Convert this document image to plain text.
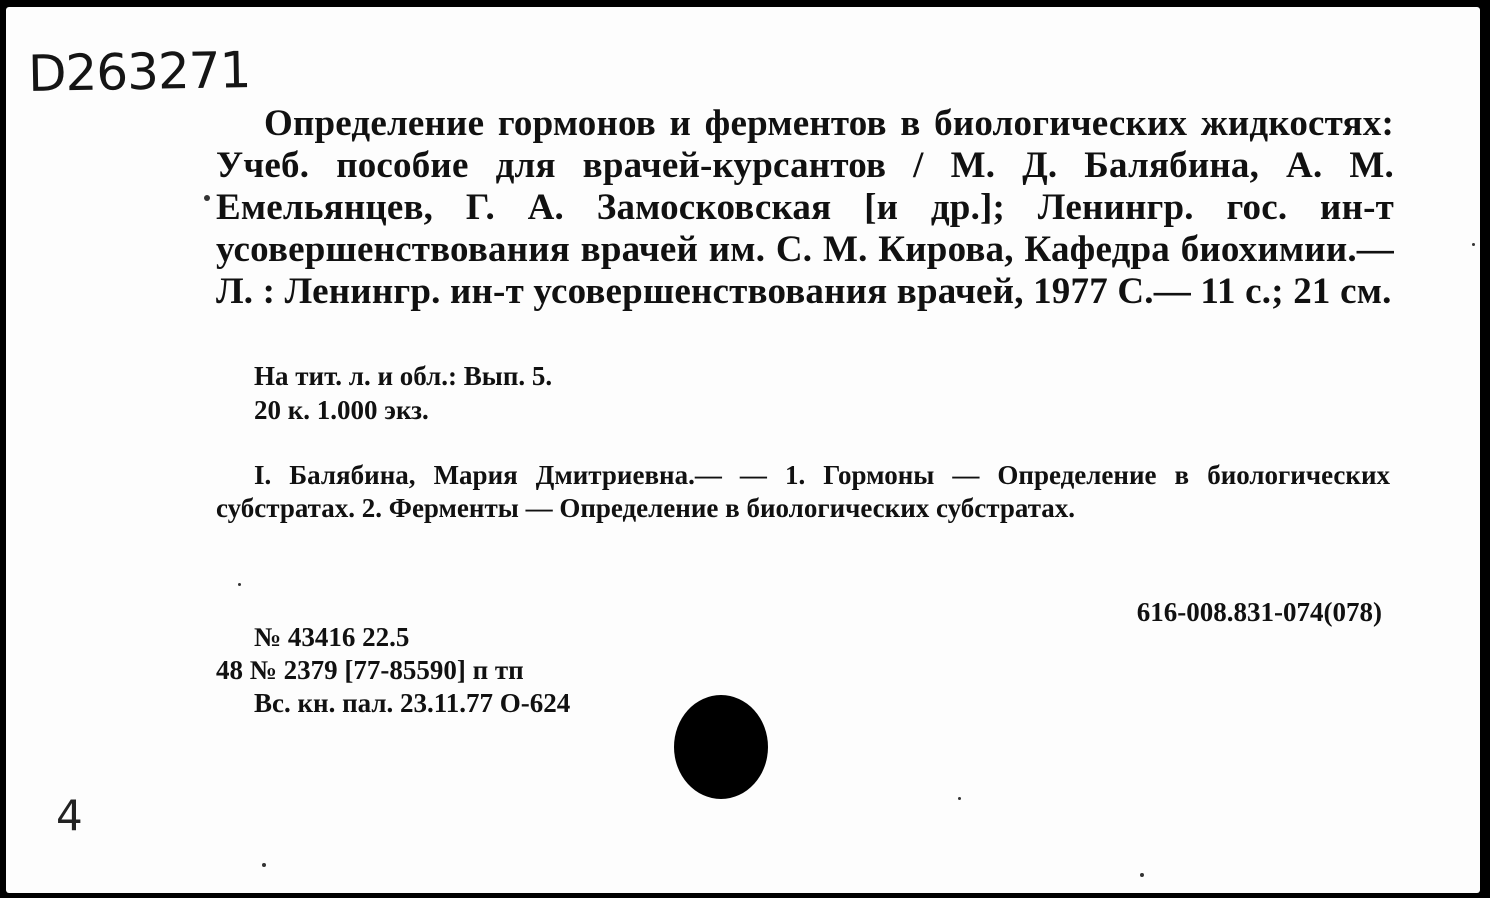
D263271
Определение гормонов и ферментов в биологических жидкостях: Учеб. пособие для врачей-курсантов / М. Д. Балябина, А. М. Емельянцев, Г. А. Замосковская [и др.]; Ленингр. гос. ин-т усовершенствования врачей им. С. М. Кирова, Кафедра биохимии.— Л. : Ленингр. ин-т усовершенствования врачей, 1977 С.— 11 с.; 21 см.
На тит. л. и обл.: Вып. 5.
20 к. 1.000 экз.
I. Балябина, Мария Дмитриевна.— — 1. Гормоны — Определение в биологических субстратах. 2. Ферменты — Определение в биологических субстратах.
616-008.831-074(078)
№ 43416 22.5
48 № 2379 [77-85590] п тп
Вс. кн. пал. 23.11.77 О-624
4
